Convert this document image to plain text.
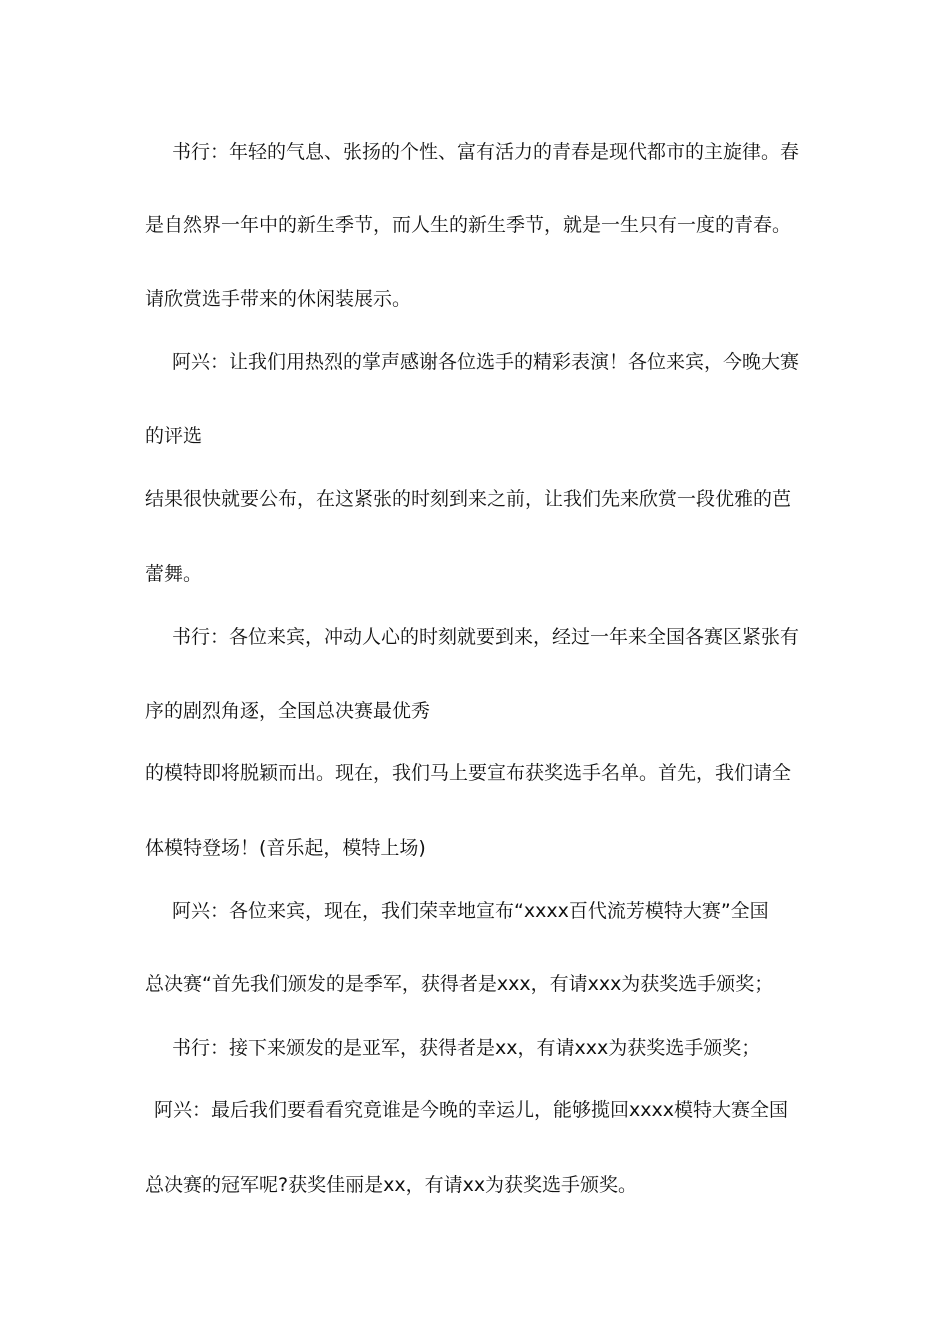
书行：年轻的气息、张扬的个性、富有活力的青春是现代都市的主旋律。春
是自然界一年中的新生季节，而人生的新生季节，就是一生只有一度的青春。
请欣赏选手带来的休闲装展示。
阿兴：让我们用热烈的掌声感谢各位选手的精彩表演！各位来宾，今晚大赛
的评选
结果很快就要公布，在这紧张的时刻到来之前，让我们先来欣赏一段优雅的芭
蕾舞。
书行：各位来宾，冲动人心的时刻就要到来，经过一年来全国各赛区紧张有
序的剧烈角逐，全国总决赛最优秀
的模特即将脱颖而出。现在，我们马上要宣布获奖选手名单。首先，我们请全
体模特登场！(音乐起，模特上场)
阿兴：各位来宾，现在，我们荣幸地宣布“xxxx百代流芳模特大赛”全国
总决赛“首先我们颁发的是季军，获得者是xxx，有请xxx为获奖选手颁奖；
书行：接下来颁发的是亚军，获得者是xx，有请xxx为获奖选手颁奖；
阿兴：最后我们要看看究竟谁是今晚的幸运儿，能够揽回xxxx模特大赛全国
总决赛的冠军呢?获奖佳丽是xx，有请xx为获奖选手颁奖。
